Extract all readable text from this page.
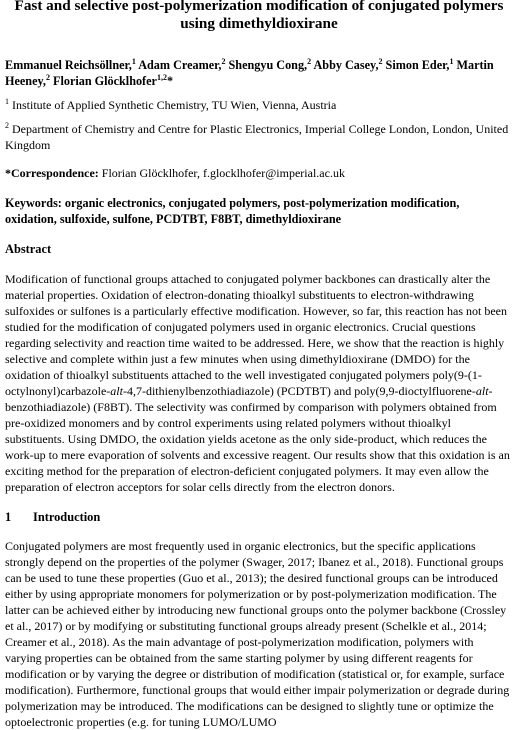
Fast and selective post-polymerization modification of conjugated polymers using dimethyldioxirane
Emmanuel Reichsöllner,$^1$ Adam Creamer,$^2$ Shengyu Cong,$^2$ Abby Casey,$^2$ Simon Eder,$^1$ Martin Heeney,$^2$ Florian Glöcklhofer$^{1,2}$*
$^1$ Institute of Applied Synthetic Chemistry, TU Wien, Vienna, Austria
$^2$ Department of Chemistry and Centre for Plastic Electronics, Imperial College London, London, United Kingdom
*Correspondence: Florian Glöcklhofer, f.glocklhofer@imperial.ac.uk
Keywords: organic electronics, conjugated polymers, post-polymerization modification, oxidation, sulfoxide, sulfone, PCDTBT, F8BT, dimethyldioxirane
Abstract
Modification of functional groups attached to conjugated polymer backbones can drastically alter the material properties. Oxidation of electron-donating thioalkyl substituents to electron-withdrawing sulfoxides or sulfones is a particularly effective modification. However, so far, this reaction has not been studied for the modification of conjugated polymers used in organic electronics. Crucial questions regarding selectivity and reaction time waited to be addressed. Here, we show that the reaction is highly selective and complete within just a few minutes when using dimethyldioxirane (DMDO) for the oxidation of thioalkyl substituents attached to the well investigated conjugated polymers poly(9-(1-octylnonyl)carbazole-alt-4,7-dithienylbenzothiadiazole) (PCDTBT) and poly(9,9-dioctylfluorene-alt-benzothiadiazole) (F8BT). The selectivity was confirmed by comparison with polymers obtained from pre-oxidized monomers and by control experiments using related polymers without thioalkyl substituents. Using DMDO, the oxidation yields acetone as the only side-product, which reduces the work-up to mere evaporation of solvents and excessive reagent. Our results show that this oxidation is an exciting method for the preparation of electron-deficient conjugated polymers. It may even allow the preparation of electron acceptors for solar cells directly from the electron donors.
1	Introduction
Conjugated polymers are most frequently used in organic electronics, but the specific applications strongly depend on the properties of the polymer (Swager, 2017; Ibanez et al., 2018). Functional groups can be used to tune these properties (Guo et al., 2013); the desired functional groups can be introduced either by using appropriate monomers for polymerization or by post-polymerization modification. The latter can be achieved either by introducing new functional groups onto the polymer backbone (Crossley et al., 2017) or by modifying or substituting functional groups already present (Schelkle et al., 2014; Creamer et al., 2018). As the main advantage of post-polymerization modification, polymers with varying properties can be obtained from the same starting polymer by using different reagents for modification or by varying the degree or distribution of modification (statistical or, for example, surface modification). Furthermore, functional groups that would either impair polymerization or degrade during polymerization may be introduced. The modifications can be designed to slightly tune or optimize the optoelectronic properties (e.g. for tuning LUMO/LUMO
